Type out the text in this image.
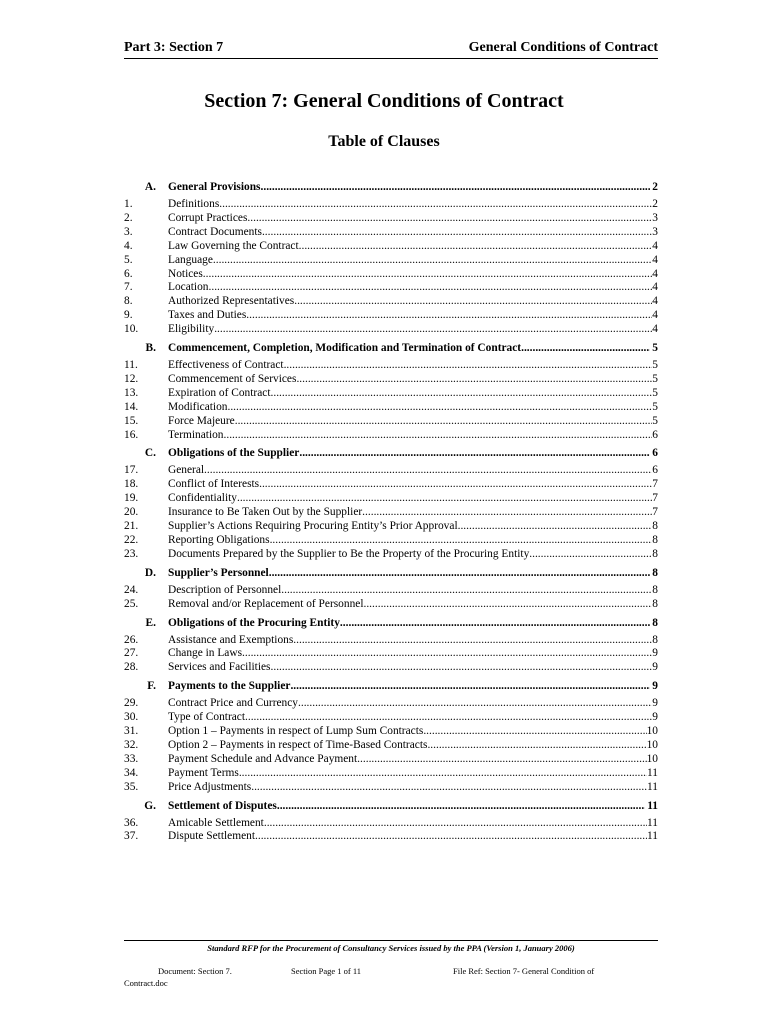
Part 3: Section 7	General Conditions of Contract
Section 7: General Conditions of Contract
Table of Clauses
A. General Provisions .....	2
1.	Definitions .....	2
2.	Corrupt Practices .....	3
3.	Contract Documents .....	3
4.	Law Governing the Contract .....	4
5.	Language .....	4
6.	Notices .....	4
7.	Location .....	4
8.	Authorized Representatives .....	4
9.	Taxes and Duties .....	4
10.	Eligibility .....	4
B. Commencement, Completion, Modification and Termination of Contract .....	5
11.	Effectiveness of Contract .....	5
12.	Commencement of Services .....	5
13.	Expiration of Contract .....	5
14.	Modification .....	5
15.	Force Majeure .....	5
16.	Termination .....	6
C. Obligations of the Supplier .....	6
17.	General .....	6
18.	Conflict of Interests .....	7
19.	Confidentiality .....	7
20.	Insurance to Be Taken Out by the Supplier .....	7
21.	Supplier’s Actions Requiring Procuring Entity’s Prior Approval .....	8
22.	Reporting Obligations .....	8
23.	Documents Prepared by the Supplier to Be the Property of the Procuring Entity .....	8
D. Supplier’s Personnel .....	8
24.	Description of Personnel .....	8
25.	Removal and/or Replacement of Personnel .....	8
E. Obligations of the Procuring Entity .....	8
26.	Assistance and Exemptions .....	8
27.	Change in Laws .....	9
28.	Services and Facilities .....	9
F. Payments to the Supplier .....	9
29.	Contract Price and Currency .....	9
30.	Type of Contract .....	9
31.	Option 1 – Payments in respect of Lump Sum Contracts .....	10
32.	Option 2 – Payments in respect of Time-Based Contracts .....	10
33.	Payment Schedule and Advance Payment .....	10
34.	Payment Terms .....	11
35.	Price Adjustments .....	11
G. Settlement of Disputes .....	11
36.	Amicable Settlement .....	11
37.	Dispute Settlement .....	11
Standard RFP for the Procurement of Consultancy Services issued by the PPA (Version 1, January 2006)
Document: Section 7.	Section Page 1 of 11	File Ref: Section 7- General Condition of
Contract.doc
